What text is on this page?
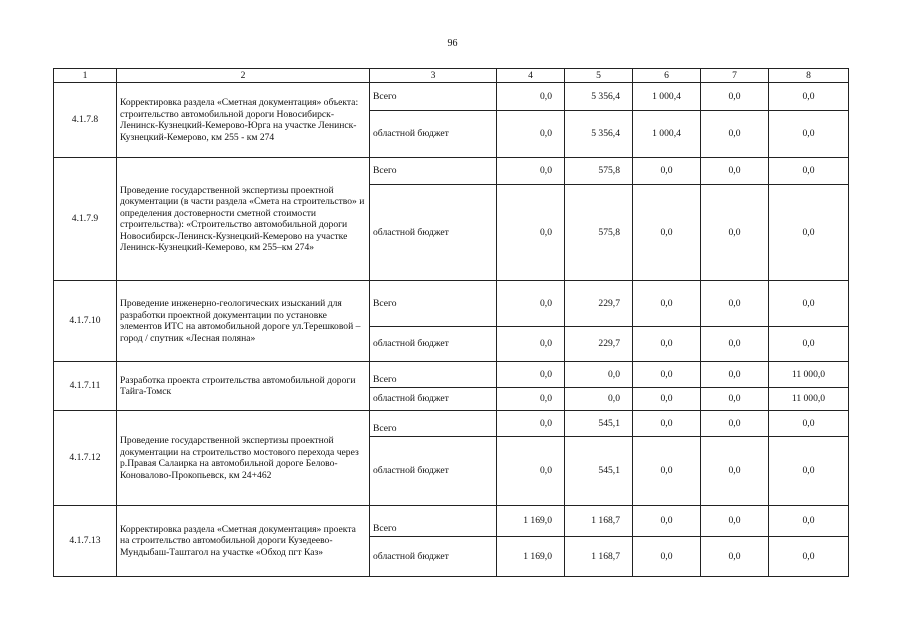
96
1	2	3	4	5	6	7	8
4.1.7.8	Корректировка раздела «Сметная документация» объекта: строительство автомобильной дороги Новосибирск-Ленинск-Кузнецкий-Кемерово-Юрга на участке Ленинск-Кузнецкий-Кемерово, км 255 - км 274	Всего	0,0	5 356,4	1 000,4	0,0	0,0
		областной бюджет	0,0	5 356,4	1 000,4	0,0	0,0
4.1.7.9	Проведение государственной экспертизы проектной документации (в части раздела «Смета на строительство» и определения достоверности сметной стоимости строительства): «Строительство автомобильной дороги Новосибирск-Ленинск-Кузнецкий-Кемерово на участке Ленинск-Кузнецкий-Кемерово, км 255–км 274»	Всего	0,0	575,8	0,0	0,0	0,0
		областной бюджет	0,0	575,8	0,0	0,0	0,0
4.1.7.10	Проведение инженерно-геологических изысканий для разработки проектной документации по установке элементов ИТС на автомобильной дороге ул.Терешковой – город / спутник «Лесная поляна»	Всего	0,0	229,7	0,0	0,0	0,0
		областной бюджет	0,0	229,7	0,0	0,0	0,0
4.1.7.11	Разработка проекта строительства автомобильной дороги Тайга-Томск	Всего	0,0	0,0	0,0	0,0	11 000,0
		областной бюджет	0,0	0,0	0,0	0,0	11 000,0
4.1.7.12	Проведение государственной экспертизы проектной документации на строительство мостового перехода через р.Правая Салаирка на автомобильной дороге Белово-Коновалово-Прокопьевск, км 24+462	Всего	0,0	545,1	0,0	0,0	0,0
		областной бюджет	0,0	545,1	0,0	0,0	0,0
4.1.7.13	Корректировка раздела «Сметная документация» проекта на строительство автомобильной дороги Кузедеево-Мундыбаш-Таштагол на участке «Обход пгт Каз»	Всего	1 169,0	1 168,7	0,0	0,0	0,0
		областной бюджет	1 169,0	1 168,7	0,0	0,0	0,0
